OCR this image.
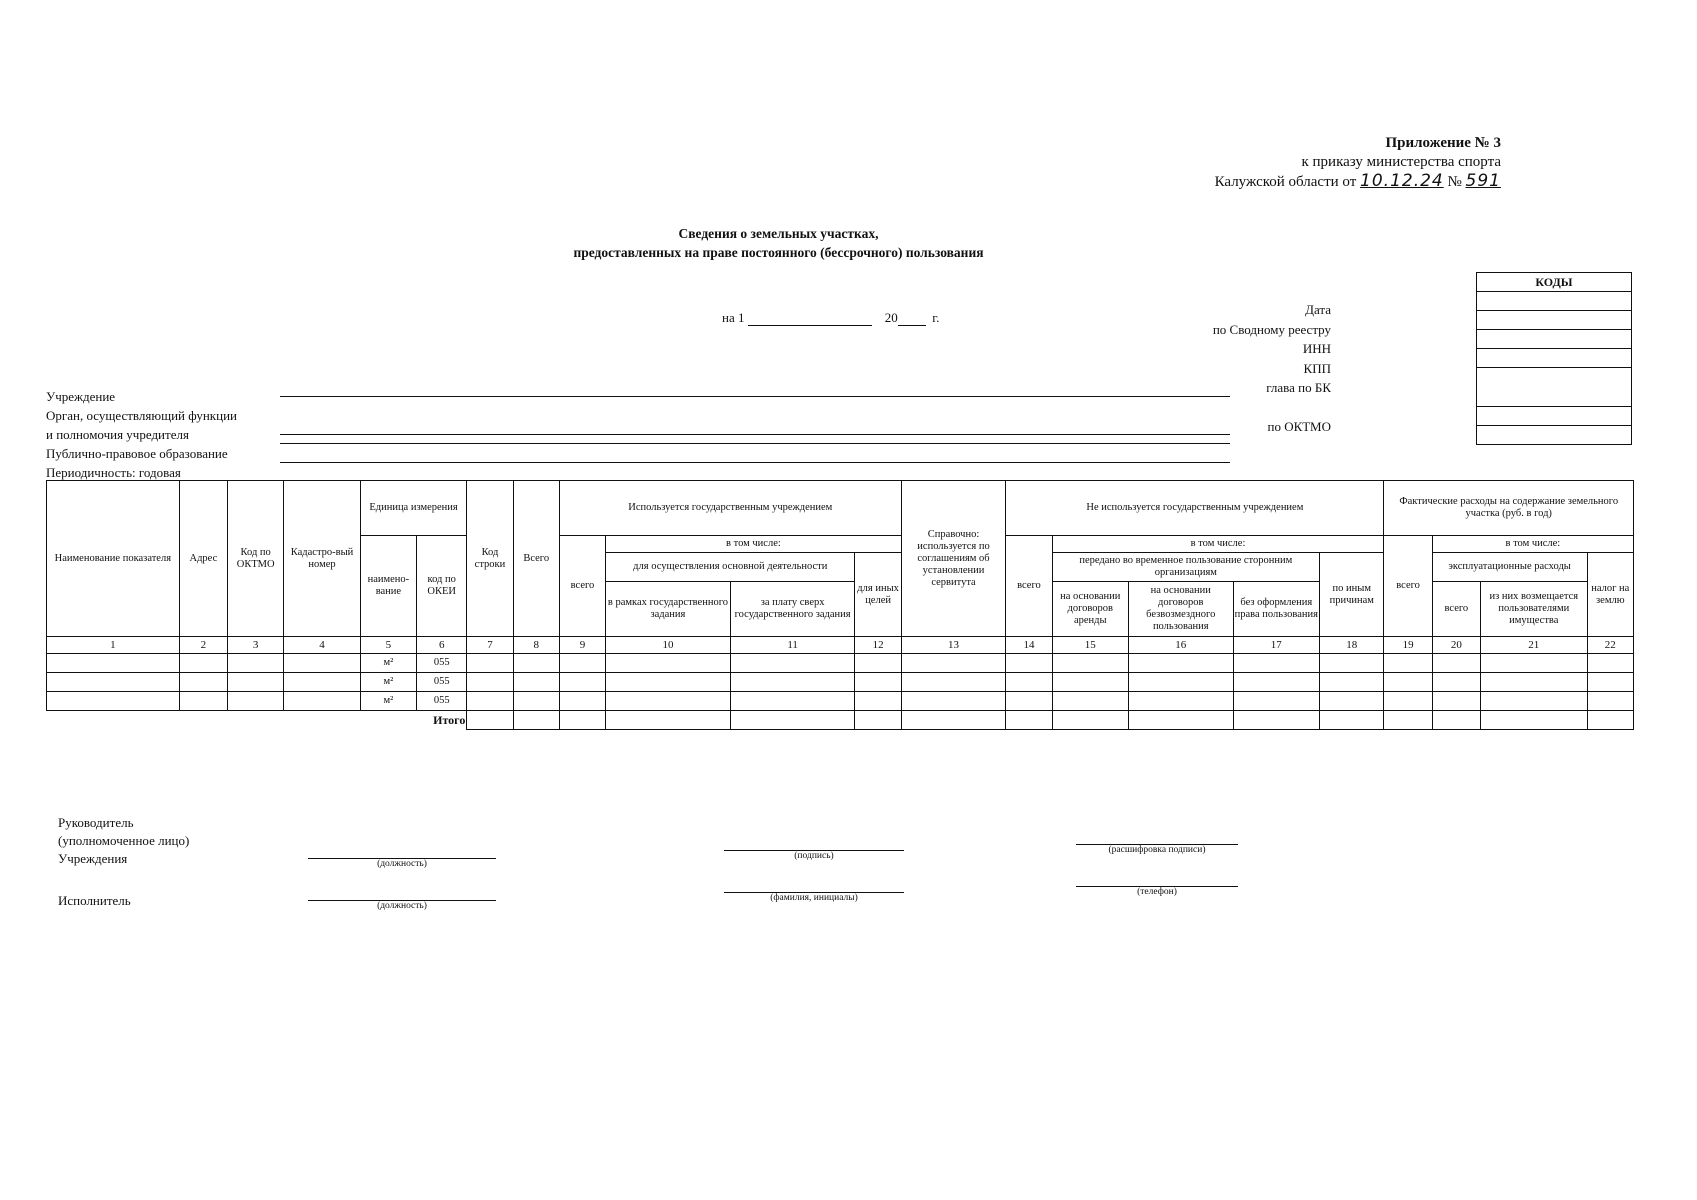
Приложение № 3
к приказу министерства спорта
Калужской области от 10.12.24 № 591
Сведения о земельных участках,
предоставленных на праве постоянного (бессрочного) пользования
на 1	20	г.
Дата
по Сводному реестру
ИНН
КПП
глава по БК
по ОКТМО
КОДЫ

Учреждение
Орган, осуществляющий функции
и полномочия учредителя
Публично-правовое образование
Периодичность: годовая
Наименование показателя	Адрес	Код по ОКТМО	Кадастро-вый номер	Единица измерения		Код строки	Всего	Используется государственным учреждением				Справочно: используется по соглашениям об установлении сервитута	Не используется государственным учреждением					Фактические расходы на содержание земельного участка (руб. в год)			
				наимено-вание	код по ОКЕИ			всего	в том числе:				всего	в том числе:				всего	в том числе:		
									для осуществления основной деятельности		для иных целей			передано во временное пользование сторонним организациям			по иным причинам		эксплуатационные расходы		налог на землю
									в рамках государственного задания	за плату сверх государственного задания				на основании договоров аренды	на основании договоров безвозмездного пользования	без оформления права пользования			всего	из них возмещается пользователями имущества	

1	2	3	4	5	6	7	8	9	10	11	12	13	14	15	16	17	18	19	20	21	22
				м²	055																
				м²	055																
				м²	055																
Итого																					
Руководитель
(уполномоченное лицо)
Учреждения
Исполнитель
(должность)
(подпись)
(расшифровка подписи)
(должность)
(фамилия, инициалы)
(телефон)
